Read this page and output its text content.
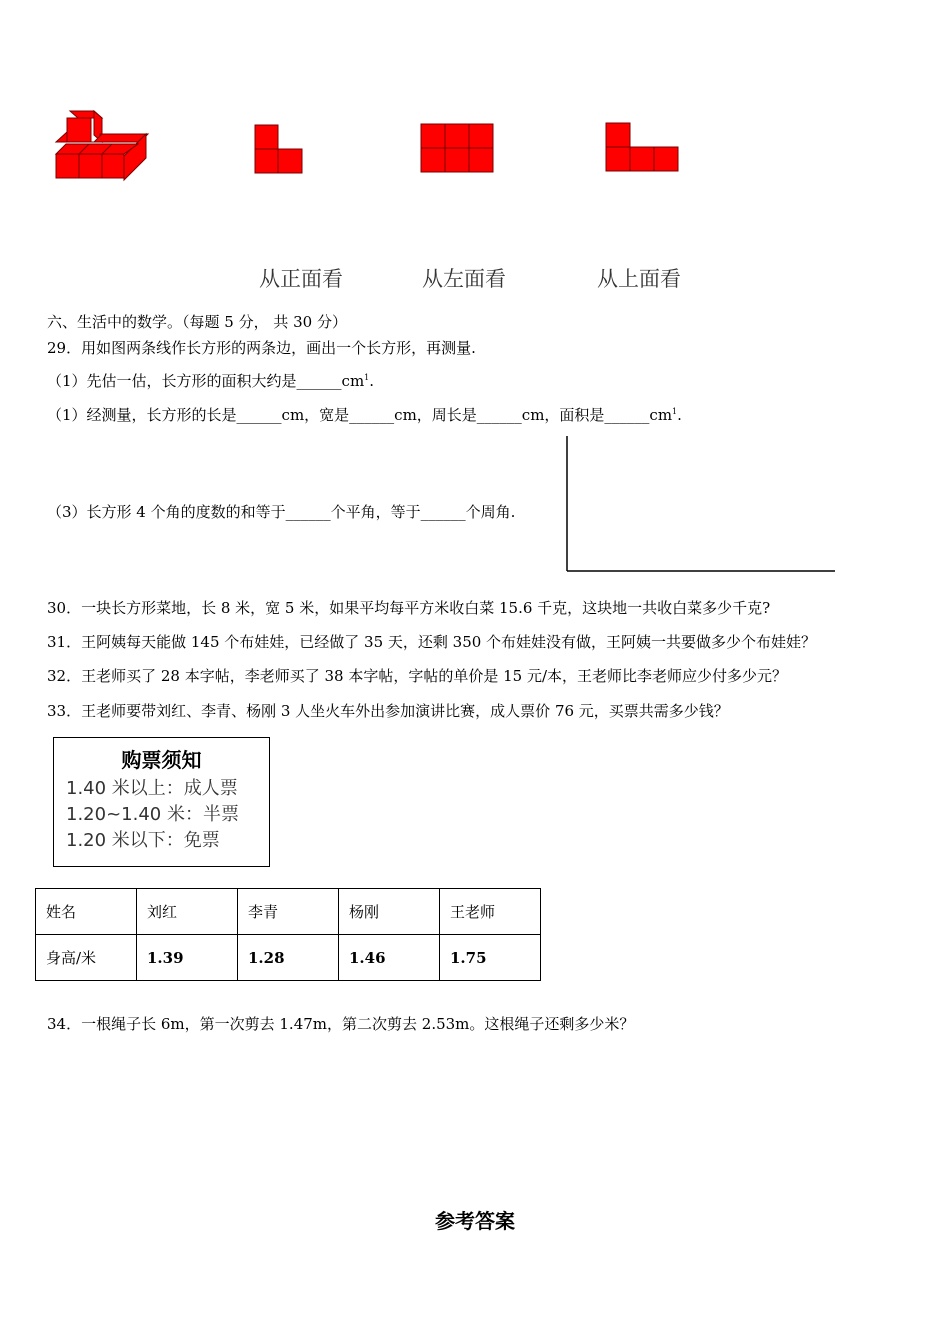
从正面看	从左面看	从上面看
六、生活中的数学。（每题 5 分， 共 30 分）
29．用如图两条线作长方形的两条边，画出一个长方形，再测量.
（1）先估一估，长方形的面积大约是$\_\_\_\_\_\_cm^1$.
（1）经测量，长方形的长是______cm，宽是______cm，周长是______cm，面积是$\_\_\_\_\_\_cm^1$.
（3）长方形 4 个角的度数的和等于______个平角，等于______个周角.
30．一块长方形菜地，长 8 米，宽 5 米，如果平均每平方米收白菜 15.6 千克，这块地一共收白菜多少千克?
31．王阿姨每天能做 145 个布娃娃，已经做了 35 天，还剩 350 个布娃娃没有做，王阿姨一共要做多少个布娃娃？
32．王老师买了 28 本字帖，李老师买了 38 本字帖，字帖的单价是 15 元/本，王老师比李老师应少付多少元？
33．王老师要带刘红、李青、杨刚 3 人坐火车外出参加演讲比赛，成人票价 76 元，买票共需多少钱？
购票须知
1.40 米以上：成人票
1.20~1.40 米：半票
1.20 米以下：免票
姓名	刘红	李青	杨刚	王老师
身高/米	1.39	1.28	1.46	1.75
34．一根绳子长 6m，第一次剪去 1.47m，第二次剪去 2.53m。这根绳子还剩多少米？
参考答案
